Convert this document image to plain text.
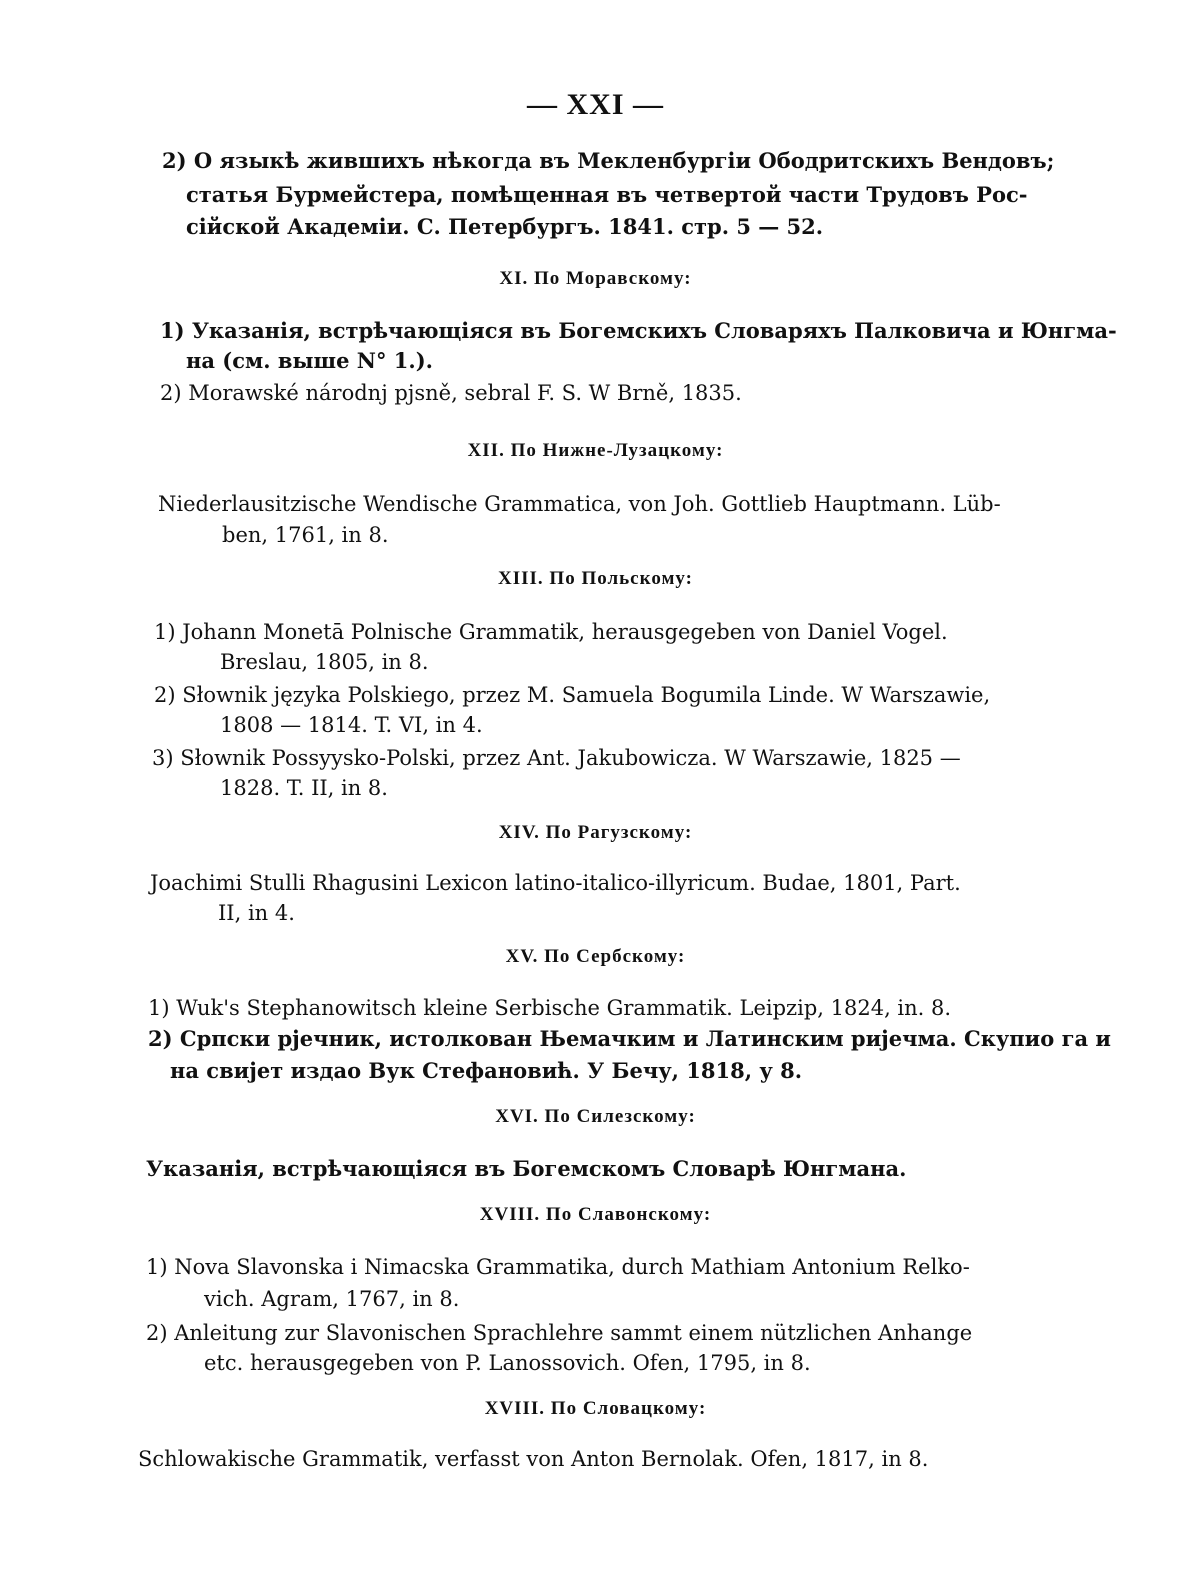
— XXI —
2) О языкѣ жившихъ нѣкогда въ Мекленбургіи Ободритскихъ Вендовъ;
статья Бурмейстера, помѣщенная въ четвертой части Трудовъ Рос-
сійской Академіи. С. Петербургъ. 1841. стр. 5 — 52.
XI. По Моравскому:
1) Указанія, встрѣчающіяся въ Богемскихъ Словаряхъ Палковича и Юнгма-
на (см. выше N° 1.).
2) Morawské národnj pjsně, sebral F. S. W Brně, 1835.
XII. По Нижне-Лузацкому:
Niederlausitzische Wendische Grammatica, von Joh. Gottlieb Hauptmann. Lüb-
ben, 1761, in 8.
XIII. По Польскому:
1) Johann Monetā Polnische Grammatik, herausgegeben von Daniel Vogel.
Breslau, 1805, in 8.
2) Słownik języka Polskiego, przez M. Samuela Bogumila Linde. W Warszawie,
1808 — 1814. T. VI, in 4.
3) Słownik Possyysko-Polski, przez Ant. Jakubowicza. W Warszawie, 1825 —
1828. T. II, in 8.
XIV. По Рагузскому:
Joachimi Stulli Rhagusini Lexicon latino-italico-illyricum. Budae, 1801, Part.
II, in 4.
XV. По Сербскому:
1) Wuk's Stephanowitsch kleine Serbische Grammatik. Leipzip, 1824, in. 8.
2) Српски рјечник, истолкован Њемачким и Латинским ријечма. Скупио га и
на свијет издао Вук Стефановић. У Бечу, 1818, у 8.
XVI. По Силезскому:
Указанія, встрѣчающіяся въ Богемскомъ Словарѣ Юнгмана.
XVIII. По Славонскому:
1) Nova Slavonska i Nimacska Grammatika, durch Mathiam Antonium Relko-
vich. Agram, 1767, in 8.
2) Anleitung zur Slavonischen Sprachlehre sammt einem nützlichen Anhange
etc. herausgegeben von P. Lanossovich. Ofen, 1795, in 8.
XVIII. По Словацкому:
Schlowakische Grammatik, verfasst von Anton Bernolak. Ofen, 1817, in 8.
